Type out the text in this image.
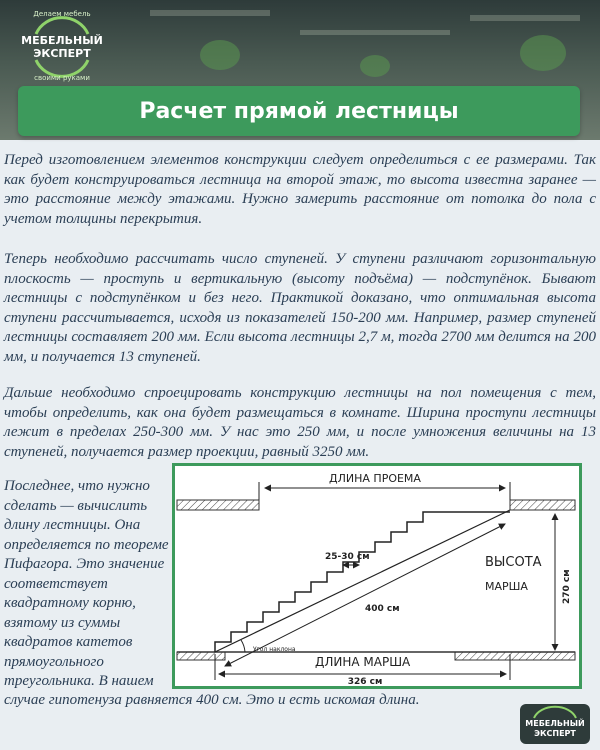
Делаем мебель
МЕБЕЛЬНЫЙ
ЭКСПЕРТ
своими руками
Расчет прямой лестницы
Перед изготовлением элементов конструкции следует определиться с ее размерами. Так как будет конструироваться лестница на второй этаж, то высота известна заранее — это расстояние между этажами. Нужно замерить расстояние от потолка до пола с учетом толщины перекрытия.
Теперь необходимо рассчитать число ступеней. У ступени различают горизонтальную плоскость — проступь и вертикальную (высоту подъёма) — подступёнок. Бывают лестницы с подступёнком и без него. Практикой доказано, что оптимальная высота ступени рассчитывается, исходя из показателей 150-200 мм. Например, размер ступеней лестницы составляет 200 мм. Если высота лестницы 2,7 м, тогда 2700 мм делится на 200 мм, и получается 13 ступеней.
Дальше необходимо спроецировать конструкцию лестницы на пол помещения с тем, чтобы определить, как она будет размещаться в комнате. Ширина проступи лестницы лежит в пределах 250-300 мм. У нас это 250 мм, и после умножения величины на 13 ступеней, получается размер проекции, равный 3250 мм.
Последнее, что нужно сделать — вычислить длину лестницы. Она определяется по теореме Пифагора. Это значение соответствует квадратному корню, взятому из суммы квадратов катетов прямоугольного треугольника. В нашем
случае гипотенуза равняется 400 см. Это и есть искомая длина.
ДЛИНА ПРОЕМА
400 см
25-30 см	ВЫСОТА
МАРША	270 см
Угол наклона
ДЛИНА МАРША
326 см
МЕБЕЛЬНЫЙ
ЭКСПЕРТ
